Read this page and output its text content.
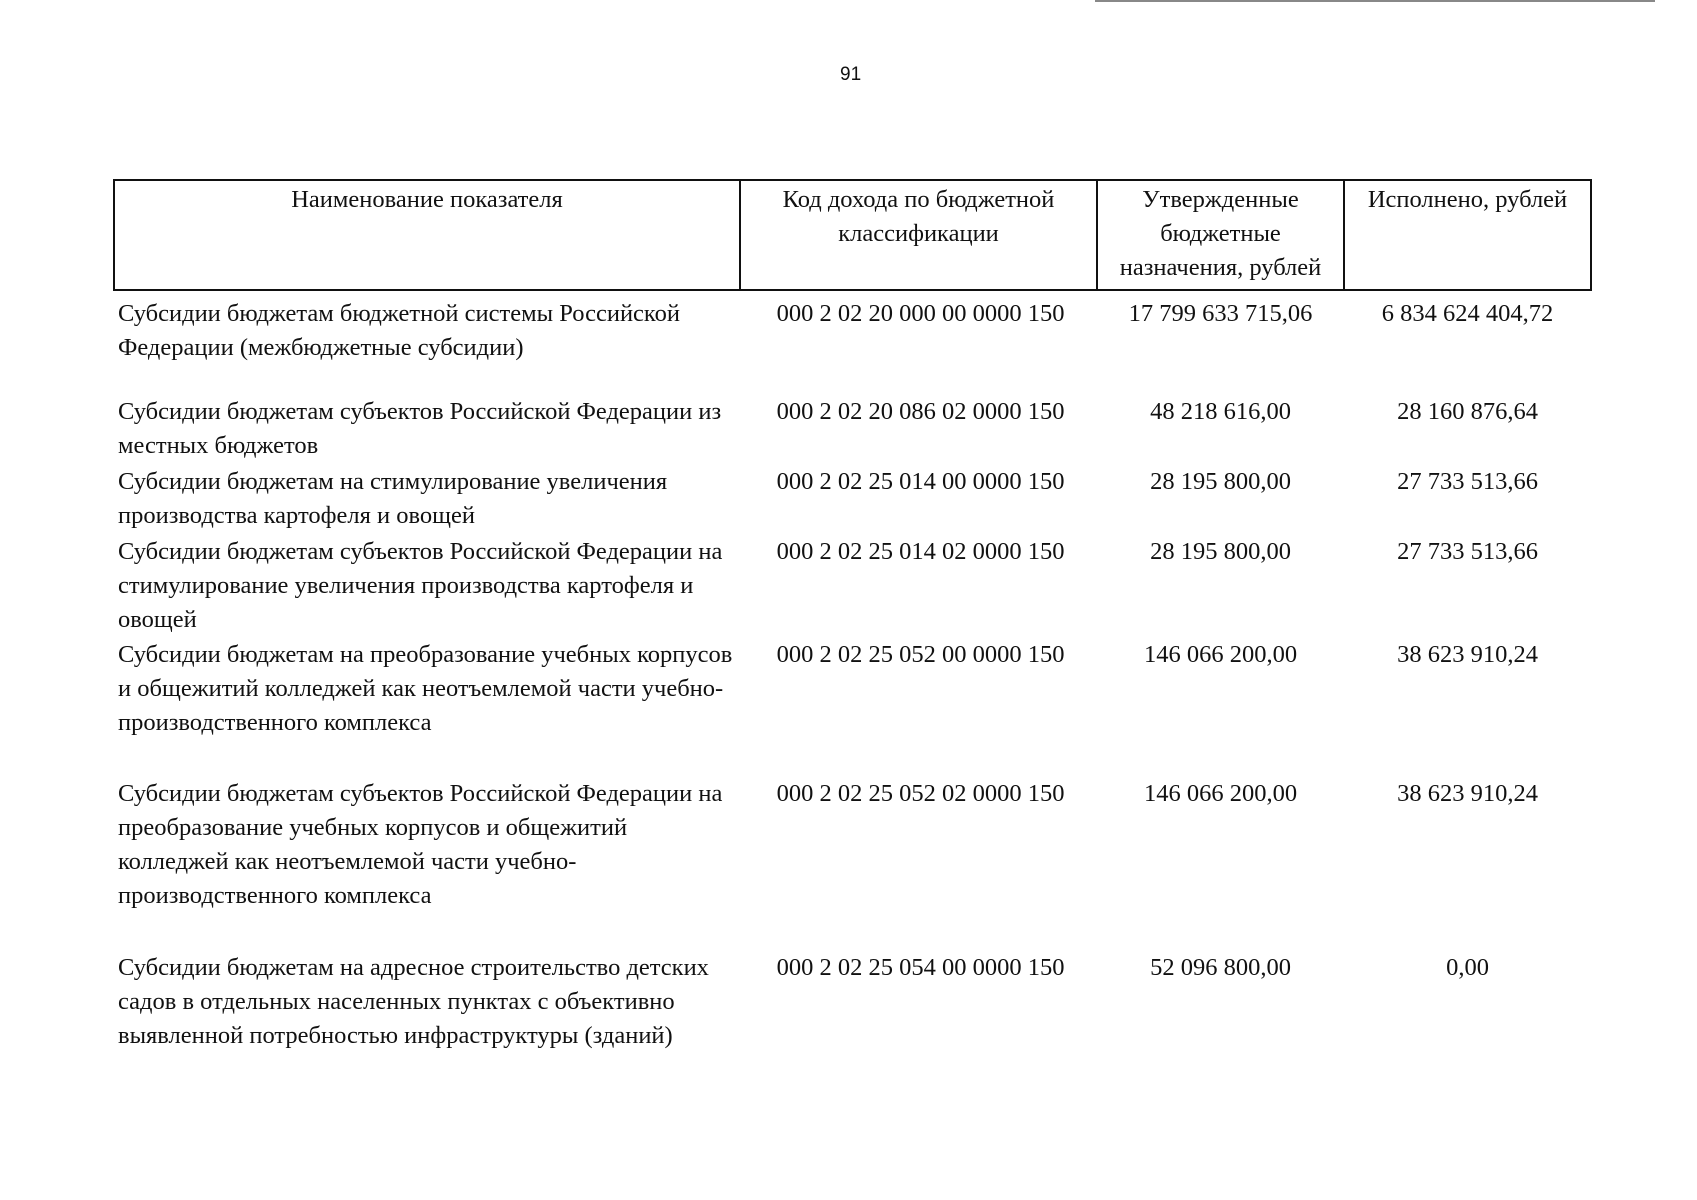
91
Наименование показателя	Код дохода по бюджетной классификации	Утвержденные бюджетные назначения, рублей	Исполнено, рублей
Субсидии бюджетам бюджетной системы Российской Федерации (межбюджетные субсидии)	000 2 02 20 000 00 0000 150	17 799 633 715,06	6 834 624 404,72
Субсидии бюджетам субъектов Российской Федерации из местных бюджетов	000 2 02 20 086 02 0000 150	48 218 616,00	28 160 876,64
Субсидии бюджетам на стимулирование увеличения производства картофеля и овощей	000 2 02 25 014 00 0000 150	28 195 800,00	27 733 513,66
Субсидии бюджетам субъектов Российской Федерации на стимулирование увеличения производства картофеля и овощей	000 2 02 25 014 02 0000 150	28 195 800,00	27 733 513,66
Субсидии бюджетам на преобразование учебных корпусов и общежитий колледжей как неотъемлемой части учебно-производственного комплекса	000 2 02 25 052 00 0000 150	146 066 200,00	38 623 910,24
Субсидии бюджетам субъектов Российской Федерации на преобразование учебных корпусов и общежитий колледжей как неотъемлемой части учебно-производственного комплекса	000 2 02 25 052 02 0000 150	146 066 200,00	38 623 910,24
Субсидии бюджетам на адресное строительство детских садов в отдельных населенных пунктах с объективно выявленной потребностью инфраструктуры (зданий)	000 2 02 25 054 00 0000 150	52 096 800,00	0,00
